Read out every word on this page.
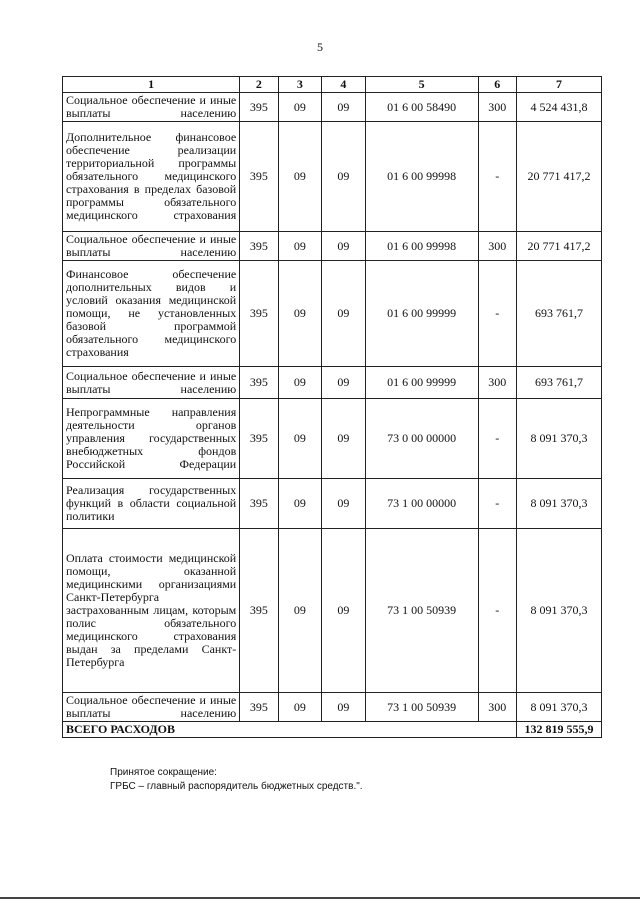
5
1	2	3	4	5	6	7
Социальное обеспечение и иные выплаты населению	395	09	09	01 6 00 58490	300	4 524 431,8
Дополнительное финансовое обеспечение реализации территориальной программы обязательного медицинского страхования в пределах базовой программы обязательного медицинского страхования	395	09	09	01 6 00 99998	-	20 771 417,2
Социальное обеспечение и иные выплаты населению	395	09	09	01 6 00 99998	300	20 771 417,2
Финансовое обеспечение дополнительных видов и условий оказания медицинской помощи, не установленных базовой программой обязательного медицинского страхования	395	09	09	01 6 00 99999	-	693 761,7
Социальное обеспечение и иные выплаты населению	395	09	09	01 6 00 99999	300	693 761,7
Непрограммные направления деятельности органов управления государственных внебюджетных фондов Российской Федерации	395	09	09	73 0 00 00000	-	8 091 370,3
Реализация государственных функций в области социальной политики	395	09	09	73 1 00 00000	-	8 091 370,3
Оплата стоимости медицинской помощи, оказанной медицинскими организациями Санкт-Петербурга застрахованным лицам, которым полис обязательного медицинского страхования выдан за пределами Санкт-Петербурга	395	09	09	73 1 00 50939	-	8 091 370,3
Социальное обеспечение и иные выплаты населению	395	09	09	73 1 00 50939	300	8 091 370,3
ВСЕГО РАСХОДОВ						132 819 555,9
Принятое сокращение:
ГРБС – главный распорядитель бюджетных средств.".
